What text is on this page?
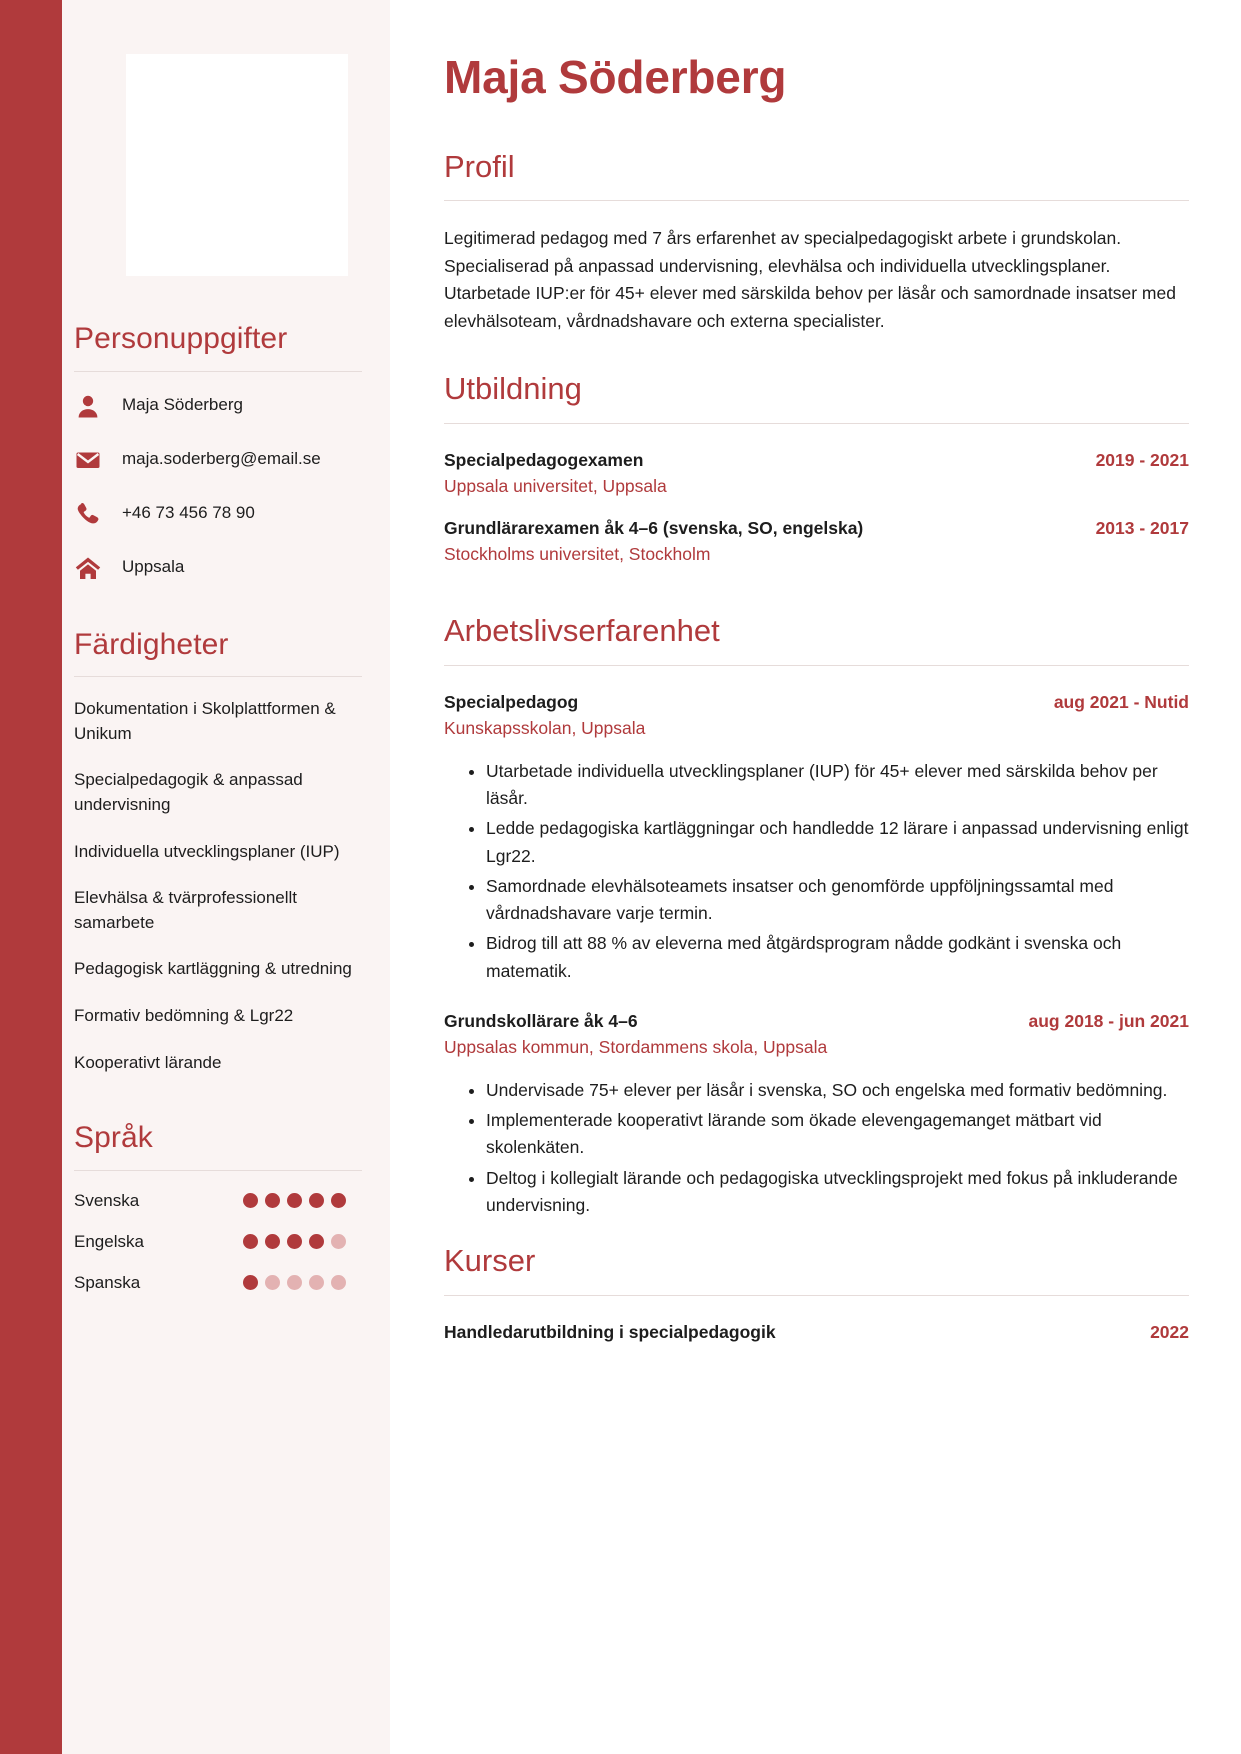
Personuppgifter
Maja Söderberg
maja.soderberg@email.se
+46 73 456 78 90
Uppsala
Färdigheter
Dokumentation i Skolplattformen & Unikum
Specialpedagogik & anpassad undervisning
Individuella utvecklingsplaner (IUP)
Elevhälsa & tvärprofessionellt samarbete
Pedagogisk kartläggning & utredning
Formativ bedömning & Lgr22
Kooperativt lärande
Språk
Svenska
Engelska
Spanska
Maja Söderberg
Profil

Legitimerad pedagog med 7 års erfarenhet av specialpedagogiskt arbete i grundskolan. Specialiserad på anpassad undervisning, elevhälsa och individuella utvecklingsplaner. Utarbetade IUP:er för 45+ elever med särskilda behov per läsår och samordnade insatser med elevhälsoteam, vårdnadshavare och externa specialister.

Utbildning
Specialpedagogexamen	2019 - 2021
Uppsala universitet, Uppsala
Grundlärarexamen åk 4–6 (svenska, SO, engelska)	2013 - 2017
Stockholms universitet, Stockholm
Arbetslivserfarenhet
Specialpedagog	aug 2021 - Nutid
Kunskapsskolan, Uppsala
• Utarbetade individuella utvecklingsplaner (IUP) för 45+ elever med särskilda behov per läsår.
• Ledde pedagogiska kartläggningar och handledde 12 lärare i anpassad undervisning enligt Lgr22.
• Samordnade elevhälsoteamets insatser och genomförde uppföljningssamtal med vårdnadshavare varje termin.
• Bidrog till att 88 % av eleverna med åtgärdsprogram nådde godkänt i svenska och matematik.
Grundskollärare åk 4–6	aug 2018 - jun 2021
Uppsalas kommun, Stordammens skola, Uppsala
• Undervisade 75+ elever per läsår i svenska, SO och engelska med formativ bedömning.
• Implementerade kooperativt lärande som ökade elevengagemanget mätbart vid skolenkäten.
• Deltog i kollegialt lärande och pedagogiska utvecklingsprojekt med fokus på inkluderande undervisning.
Kurser
Handledarutbildning i specialpedagogik	2022
